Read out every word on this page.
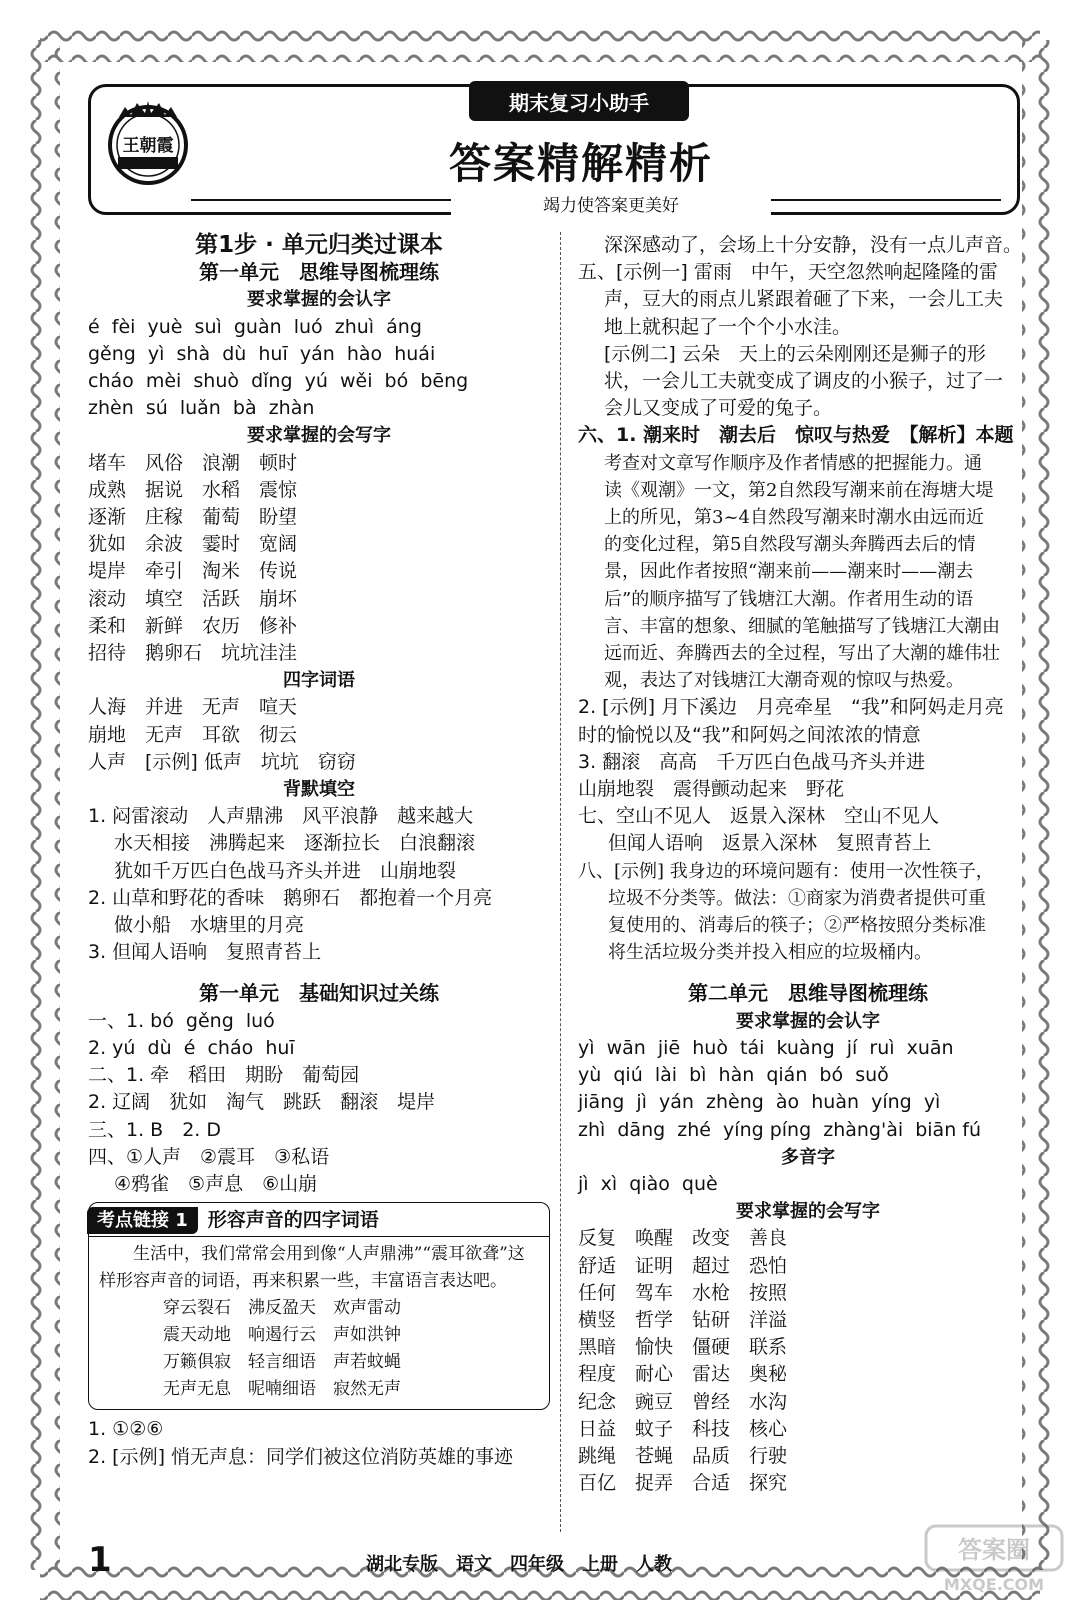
王朝霞
期末复习小助手
答案精解精析
竭力使答案更美好
第1步 · 单元归类过课本
第一单元　思维导图梳理练
要求掌握的会认字
é  fèi  yuè  suì  guàn  luó  zhuì  áng
gěng  yì  shà  dù  huī  yán  hào  huái
cháo  mèi  shuò  dǐng  yú  wěi  bó  bēng
zhèn  sú  luǎn  bà  zhàn
要求掌握的会写字
堵车　风俗　浪潮　顿时
成熟　据说　水稻　震惊
逐渐　庄稼　葡萄　盼望
犹如　余波　霎时　宽阔
堤岸　牵引　淘米　传说
滚动　填空　活跃　崩坏
柔和　新鲜　农历　修补
招待　鹅卵石　坑坑洼洼
四字词语
人海　并进　无声　喧天
崩地　无声　耳欲　彻云
人声　[示例] 低声　坑坑　窃窃
背默填空
1. 闷雷滚动　人声鼎沸　风平浪静　越来越大
水天相接　沸腾起来　逐渐拉长　白浪翻滚
犹如千万匹白色战马齐头并进　山崩地裂
2. 山草和野花的香味　鹅卵石　都抱着一个月亮
做小船　水塘里的月亮
3. 但闻人语响　复照青苔上
第一单元　基础知识过关练
一、1. bó  gěng  luó
2. yú  dù  é  cháo  huī
二、1. 牵　稻田　期盼　葡萄园
2. 辽阔　犹如　淘气　跳跃　翻滚　堤岸
三、1. B　2. D
四、①人声　②震耳　③私语
④鸦雀　⑤声息　⑥山崩
考点链接 1	形容声音的四字词语
生活中，我们常常会用到像“人声鼎沸”“震耳欲聋”这样形容声音的词语，再来积累一些，丰富语言表达吧。
穿云裂石　沸反盈天　欢声雷动
震天动地　响遏行云　声如洪钟
万籁俱寂　轻言细语　声若蚊蝇
无声无息　呢喃细语　寂然无声
1. ①②⑥
2. [示例] 悄无声息：同学们被这位消防英雄的事迹
深深感动了，会场上十分安静，没有一点儿声音。
五、[示例一] 雷雨　中午，天空忽然响起隆隆的雷
声，豆大的雨点儿紧跟着砸了下来，一会儿工夫
地上就积起了一个个小水洼。
[示例二] 云朵　天上的云朵刚刚还是狮子的形
状，一会儿工夫就变成了调皮的小猴子，过了一
会儿又变成了可爱的兔子。
六、1. 潮来时　潮去后　惊叹与热爱　【解析】本题
考查对文章写作顺序及作者情感的把握能力。通
读《观潮》一文，第2自然段写潮来前在海塘大堤
上的所见，第3~4自然段写潮来时潮水由远而近
的变化过程，第5自然段写潮头奔腾西去后的情
景，因此作者按照“潮来前——潮来时——潮去
后”的顺序描写了钱塘江大潮。作者用生动的语
言、丰富的想象、细腻的笔触描写了钱塘江大潮由
远而近、奔腾西去的全过程，写出了大潮的雄伟壮
观，表达了对钱塘江大潮奇观的惊叹与热爱。
2. [示例] 月下溪边　月亮牵星　“我”和阿妈走月亮
时的愉悦以及“我”和阿妈之间浓浓的情意
3. 翻滚　高高　千万匹白色战马齐头并进
山崩地裂　震得颤动起来　野花
七、空山不见人　返景入深林　空山不见人
但闻人语响　返景入深林　复照青苔上
八、[示例] 我身边的环境问题有：使用一次性筷子，
垃圾不分类等。做法：①商家为消费者提供可重
复使用的、消毒后的筷子；②严格按照分类标准
将生活垃圾分类并投入相应的垃圾桶内。
第二单元　思维导图梳理练
要求掌握的会认字
yì  wān  jiē  huò  tái  kuàng  jí  ruì  xuān
yù  qiú  lài  bì  hàn  qián  bó  suǒ
jiāng  jì  yán  zhèng  ào  huàn  yíng  yì
zhì  dāng  zhé  yíng píng  zhàng'ài  biān fú
多音字
jì  xì  qiào  què
要求掌握的会写字
反复　唤醒　改变　善良
舒适　证明　超过　恐怕
任何　驾车　水枪　按照
横竖　哲学　钻研　洋溢
黑暗　愉快　僵硬　联系
程度　耐心　雷达　奥秘
纪念　豌豆　曾经　水沟
日益　蚊子　科技　核心
跳绳　苍蝇　品质　行驶
百亿　捉弄　合适　探究
1	湖北专版　语文　四年级　上册　人教
答案圈
MXQE.COM
